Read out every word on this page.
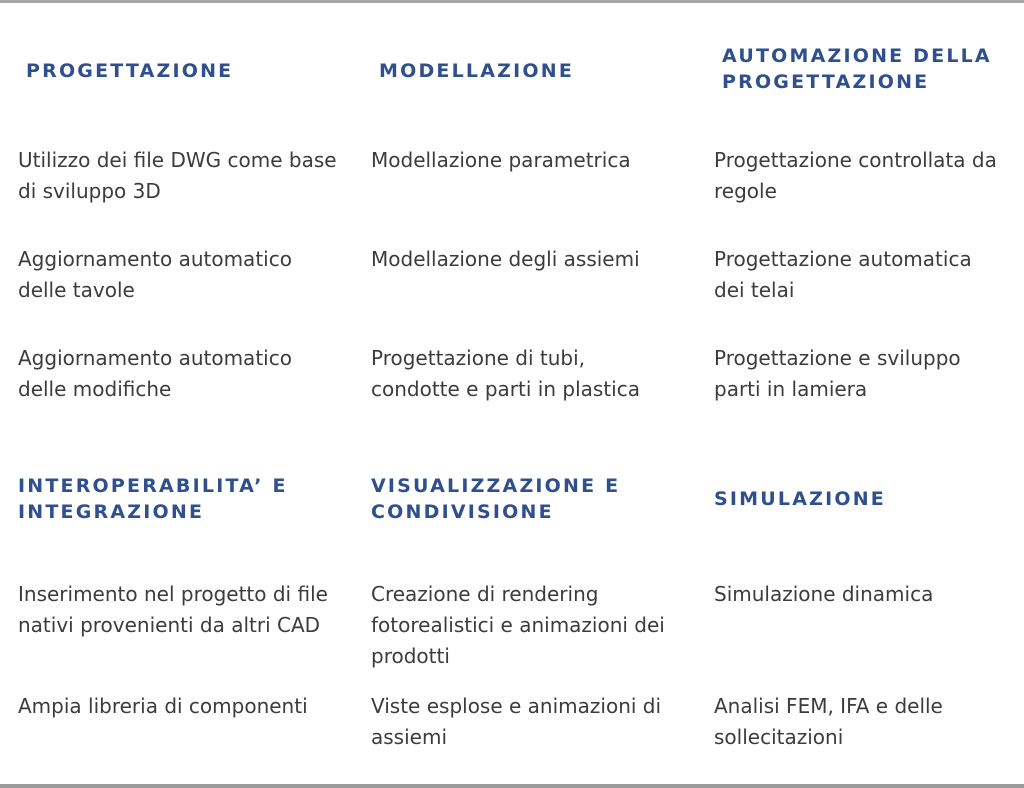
PROGETTAZIONE	MODELLAZIONE
AUTOMAZIONE DELLA PROGETTAZIONE

Utilizzo dei file DWG come base di sviluppo 3D

Aggiornamento automatico delle tavole

Aggiornamento automatico delle modifiche

Modellazione parametrica

Modellazione degli assiemi

Progettazione di tubi, condotte e parti in plastica

Progettazione controllata da regole

Progettazione automatica dei telai

Progettazione e sviluppo parti in lamiera

INTEROPERABILITA’ E INTEGRAZIONE
VISUALIZZAZIONE E CONDIVISIONE
SIMULAZIONE

Inserimento nel progetto di file nativi provenienti da altri CAD

Ampia libreria di componenti

Creazione di rendering fotorealistici e animazioni dei prodotti

Viste esplose e animazioni di assiemi

Simulazione dinamica

Analisi FEM, IFA e delle sollecitazioni
